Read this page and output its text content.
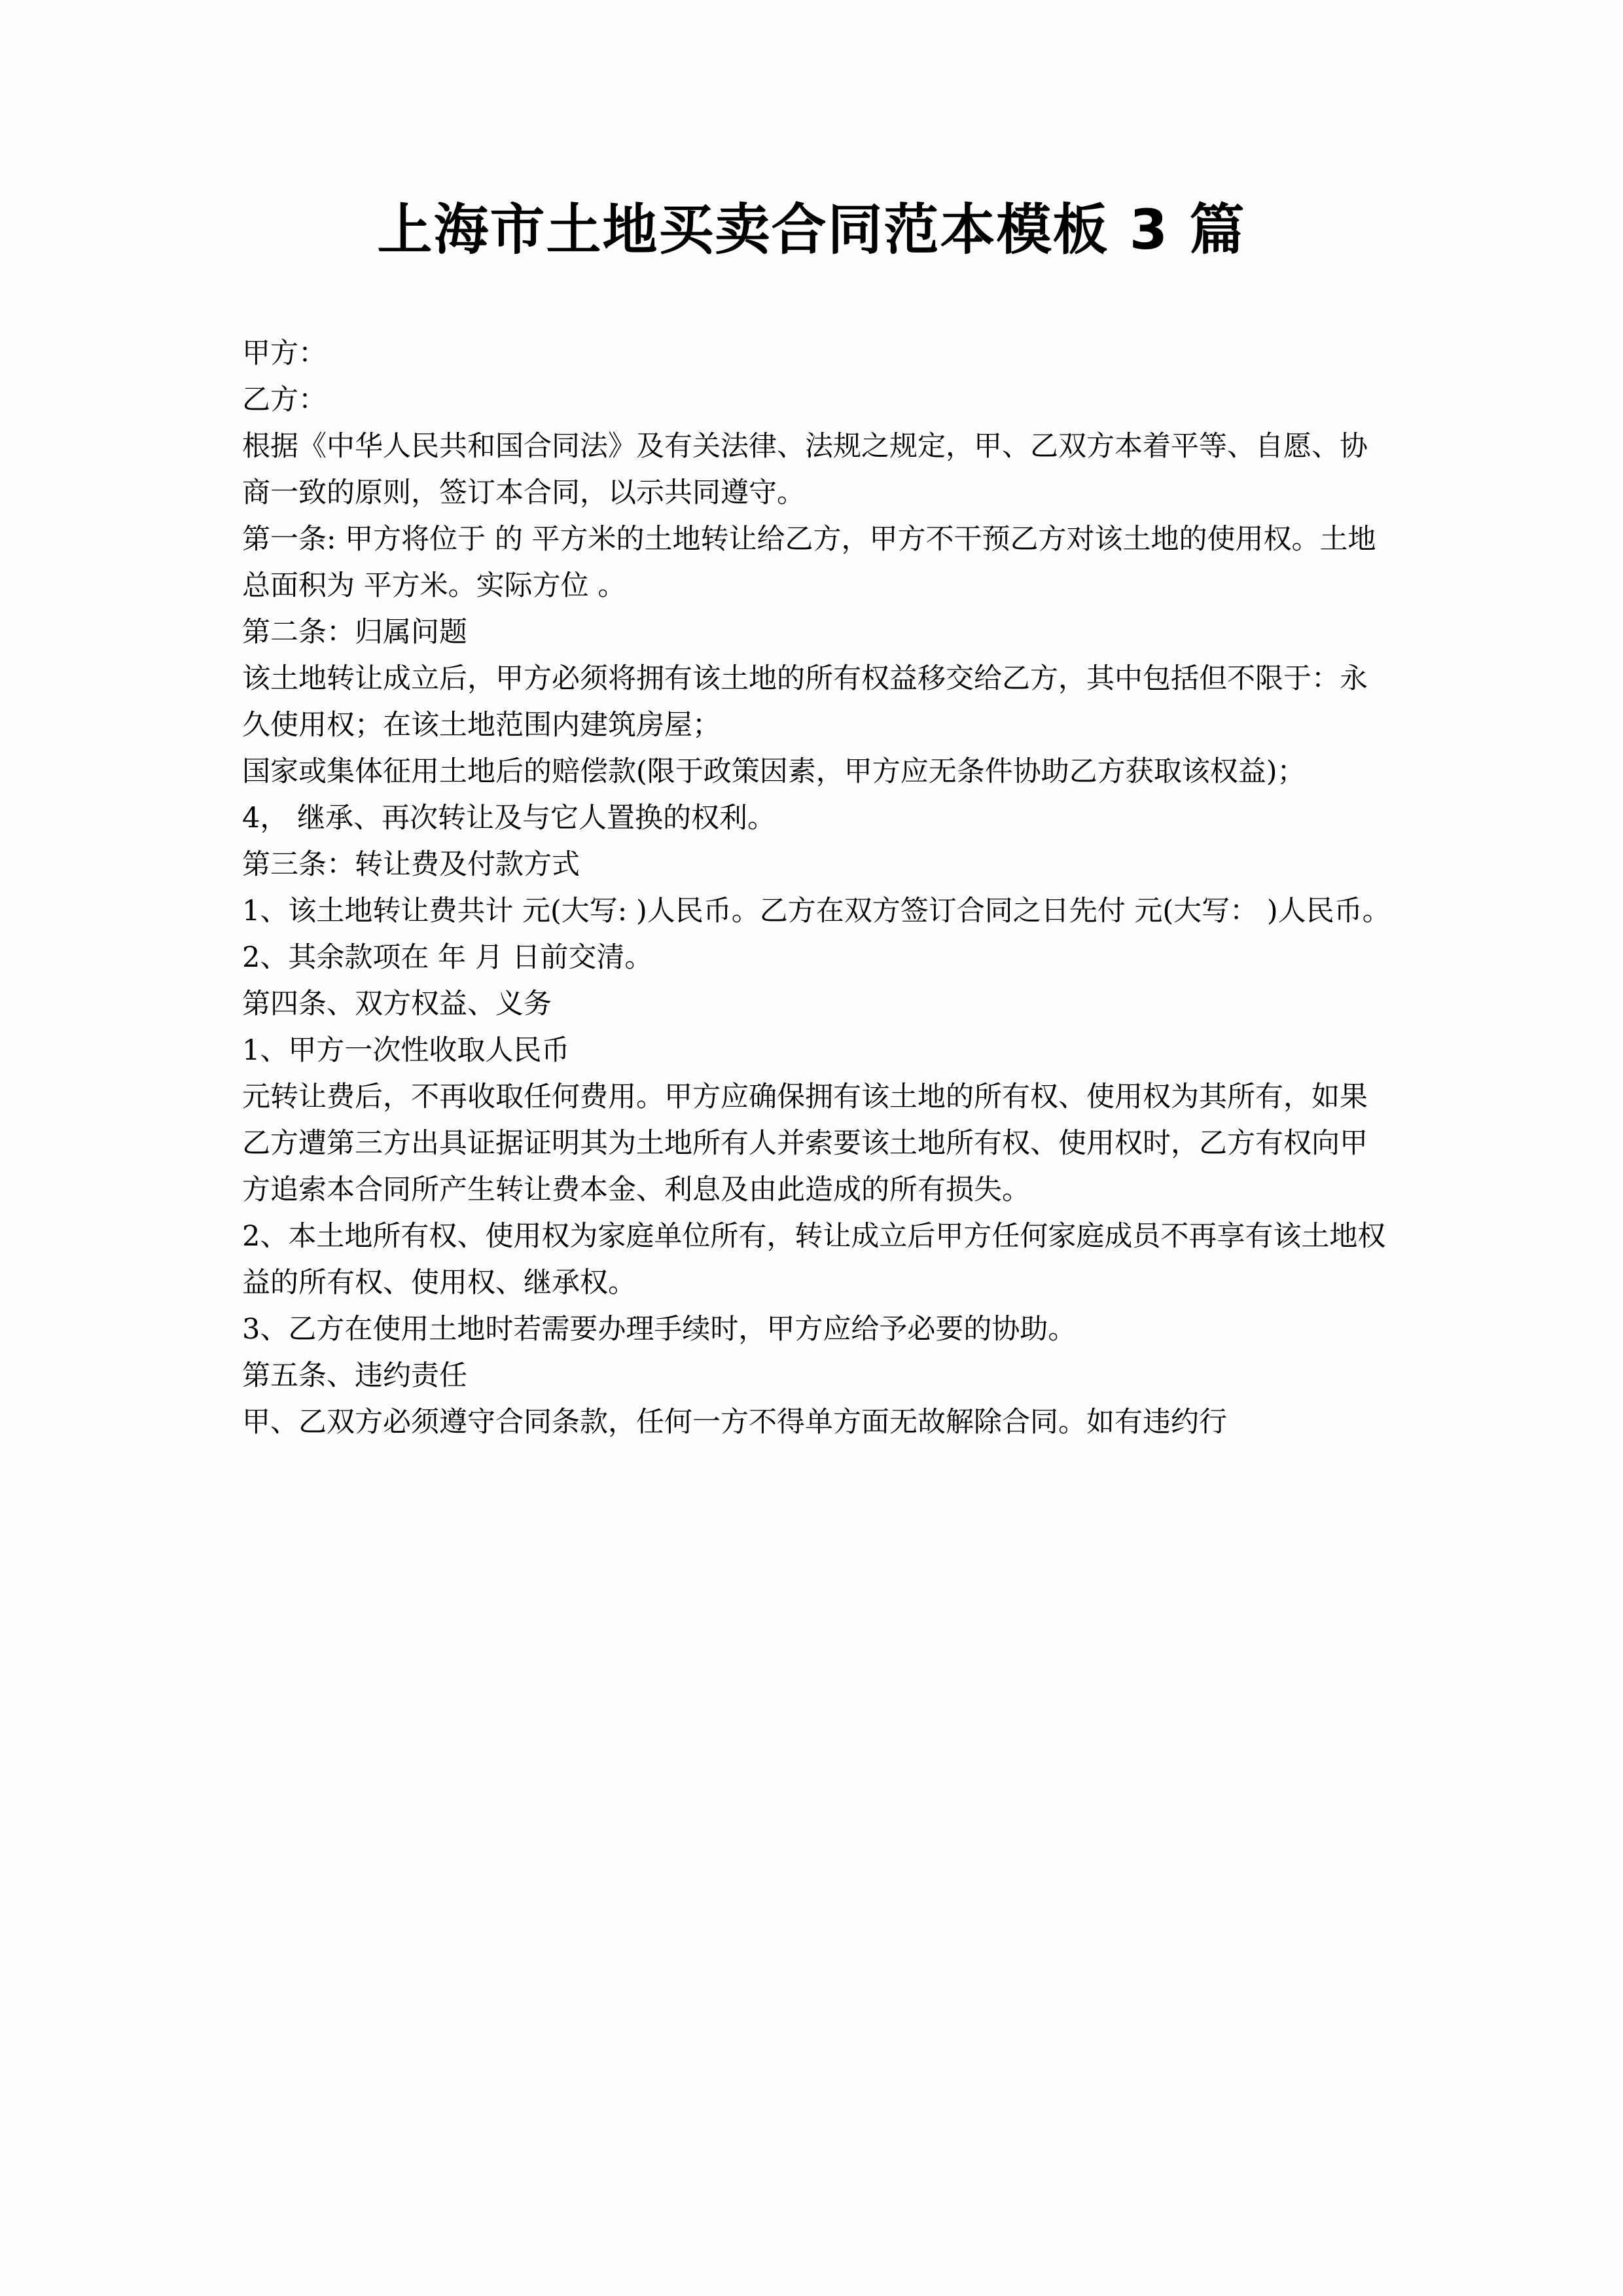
上海市土地买卖合同范本模板 3 篇

甲方：

乙方：

根据《中华人民共和国合同法》及有关法律、法规之规定，甲、乙双方本着平等、自愿、协商一致的原则，签订本合同，以示共同遵守。

第一条: 甲方将位于 的 平方米的土地转让给乙方，甲方不干预乙方对该土地的使用权。土地总面积为 平方米。实际方位 。

第二条：归属问题

该土地转让成立后，甲方必须将拥有该土地的所有权益移交给乙方，其中包括但不限于：永久使用权；在该土地范围内建筑房屋；

国家或集体征用土地后的赔偿款(限于政策因素，甲方应无条件协助乙方获取该权益)；

4， 继承、再次转让及与它人置换的权利。

第三条：转让费及付款方式

1、该土地转让费共计 元(大写: )人民币。乙方在双方签订合同之日先付 元(大写： )人民币。

2、其余款项在 年 月 日前交清。

第四条、双方权益、义务

1、甲方一次性收取人民币

元转让费后，不再收取任何费用。甲方应确保拥有该土地的所有权、使用权为其所有，如果乙方遭第三方出具证据证明其为土地所有人并索要该土地所有权、使用权时，乙方有权向甲方追索本合同所产生转让费本金、利息及由此造成的所有损失。

2、本土地所有权、使用权为家庭单位所有，转让成立后甲方任何家庭成员不再享有该土地权益的所有权、使用权、继承权。

3、乙方在使用土地时若需要办理手续时，甲方应给予必要的协助。

第五条、违约责任

甲、乙双方必须遵守合同条款，任何一方不得单方面无故解除合同。如有违约行
